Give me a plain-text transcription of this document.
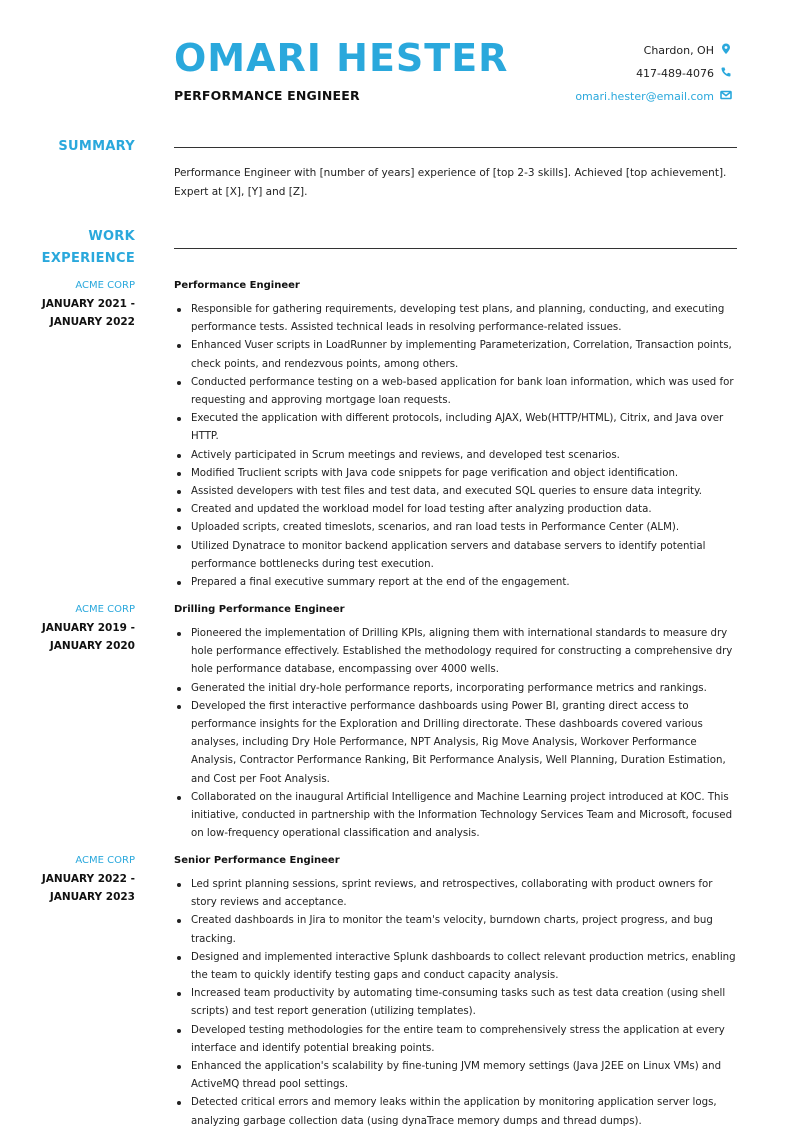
OMARI HESTER

PERFORMANCE ENGINEER

Chardon, OH
417-489-4076
omari.hester@email.com
SUMMARY

Performance Engineer with [number of years] experience of [top 2-3 skills]. Achieved [top achievement]. Expert at [X], [Y] and [Z].

WORK
EXPERIENCE

ACME CORP

JANUARY 2021 -
JANUARY 2022

Performance Engineer

Responsible for gathering requirements, developing test plans, and planning, conducting, and executing performance tests. Assisted technical leads in resolving performance-related issues.
Enhanced Vuser scripts in LoadRunner by implementing Parameterization, Correlation, Transaction points, check points, and rendezvous points, among others.
Conducted performance testing on a web-based application for bank loan information, which was used for requesting and approving mortgage loan requests.
Executed the application with different protocols, including AJAX, Web(HTTP/HTML), Citrix, and Java over HTTP.
Actively participated in Scrum meetings and reviews, and developed test scenarios.
Modified Truclient scripts with Java code snippets for page verification and object identification.
Assisted developers with test files and test data, and executed SQL queries to ensure data integrity.
Created and updated the workload model for load testing after analyzing production data.
Uploaded scripts, created timeslots, scenarios, and ran load tests in Performance Center (ALM).
Utilized Dynatrace to monitor backend application servers and database servers to identify potential performance bottlenecks during test execution.
Prepared a final executive summary report at the end of the engagement.

ACME CORP

JANUARY 2019 -
JANUARY 2020

Drilling Performance Engineer

Pioneered the implementation of Drilling KPIs, aligning them with international standards to measure dry hole performance effectively. Established the methodology required for constructing a comprehensive dry hole performance database, encompassing over 4000 wells.
Generated the initial dry-hole performance reports, incorporating performance metrics and rankings.
Developed the first interactive performance dashboards using Power BI, granting direct access to performance insights for the Exploration and Drilling directorate. These dashboards covered various analyses, including Dry Hole Performance, NPT Analysis, Rig Move Analysis, Workover Performance Analysis, Contractor Performance Ranking, Bit Performance Analysis, Well Planning, Duration Estimation, and Cost per Foot Analysis.
Collaborated on the inaugural Artificial Intelligence and Machine Learning project introduced at KOC. This initiative, conducted in partnership with the Information Technology Services Team and Microsoft, focused on low-frequency operational classification and analysis.

ACME CORP

JANUARY 2022 -
JANUARY 2023

Senior Performance Engineer

Led sprint planning sessions, sprint reviews, and retrospectives, collaborating with product owners for story reviews and acceptance.
Created dashboards in Jira to monitor the team's velocity, burndown charts, project progress, and bug tracking.
Designed and implemented interactive Splunk dashboards to collect relevant production metrics, enabling the team to quickly identify testing gaps and conduct capacity analysis.
Increased team productivity by automating time-consuming tasks such as test data creation (using shell scripts) and test report generation (utilizing templates).
Developed testing methodologies for the entire team to comprehensively stress the application at every interface and identify potential breaking points.
Enhanced the application's scalability by fine-tuning JVM memory settings (Java J2EE on Linux VMs) and ActiveMQ thread pool settings.
Detected critical errors and memory leaks within the application by monitoring application server logs, analyzing garbage collection data (using dynaTrace memory dumps and thread dumps).
